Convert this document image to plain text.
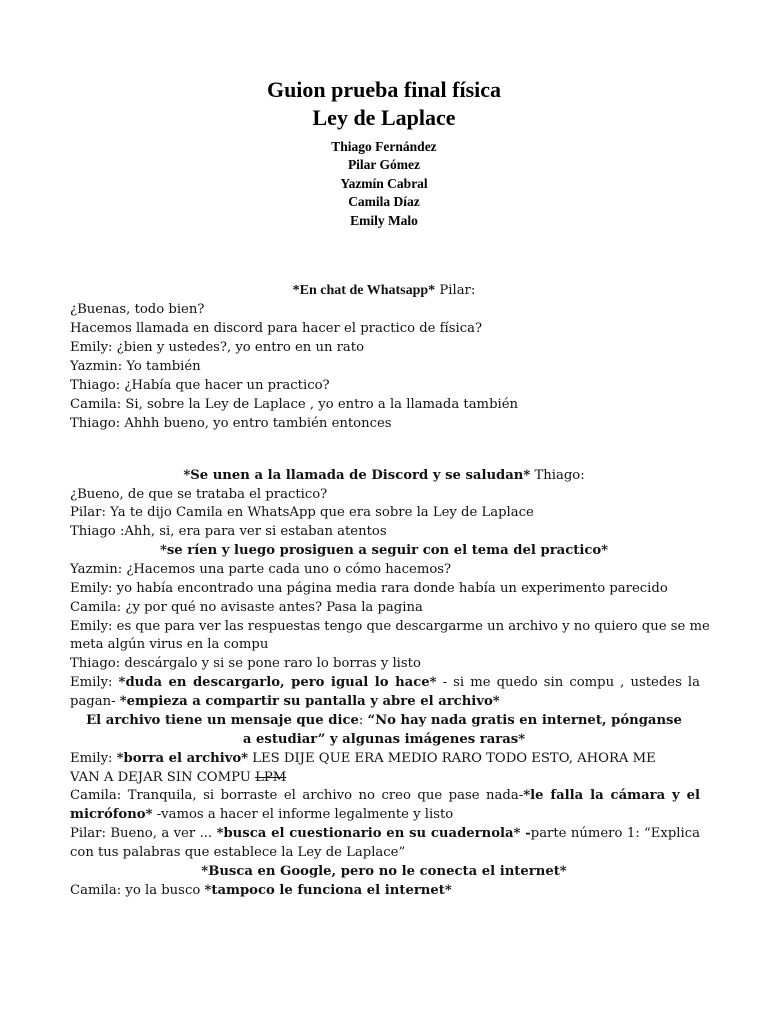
Guion prueba final física
Ley de Laplace
Thiago Fernández
Pilar Gómez
Yazmín Cabral
Camila Díaz
Emily Malo
*En chat de Whatsapp* Pilar:
¿Buenas, todo bien?
Hacemos llamada en discord para hacer el practico de física?
Emily: ¿bien y ustedes?, yo entro en un rato
Yazmin: Yo también
Thiago: ¿Había que hacer un practico?
Camila: Si, sobre la Ley de Laplace , yo entro a la llamada también
Thiago: Ahhh bueno, yo entro también entonces
*Se unen a la llamada de Discord y se saludan* Thiago:
¿Bueno, de que se trataba el practico?
Pilar: Ya te dijo Camila en WhatsApp que era sobre la Ley de Laplace
Thiago :Ahh, si, era para ver si estaban atentos
*se ríen y luego prosiguen a seguir con el tema del practico*
Yazmin: ¿Hacemos una parte cada uno o cómo hacemos?
Emily: yo había encontrado una página media rara donde había un experimento parecido
Camila: ¿y por qué no avisaste antes? Pasa la pagina
Emily: es que para ver las respuestas tengo que descargarme un archivo y no quiero que se me
meta algún virus en la compu
Thiago: descárgalo y si se pone raro lo borras y listo
Emily: *duda en descargarlo, pero igual lo hace* - si me quedo sin compu , ustedes la
pagan- *empieza a compartir su pantalla y abre el archivo*
El archivo tiene un mensaje que dice: “No hay nada gratis en internet, pónganse
a estudiar” y algunas imágenes raras*
Emily: *borra el archivo* LES DIJE QUE ERA MEDIO RARO TODO ESTO, AHORA ME
VAN A DEJAR SIN COMPU LPM
Camila: Tranquila, si borraste el archivo no creo que pase nada-*le falla la cámara y el
micrófono* -vamos a hacer el informe legalmente y listo
Pilar: Bueno, a ver ... *busca el cuestionario en su cuadernola* -parte número 1: “Explica
con tus palabras que establece la Ley de Laplace”
*Busca en Google, pero no le conecta el internet*
Camila: yo la busco *tampoco le funciona el internet*
